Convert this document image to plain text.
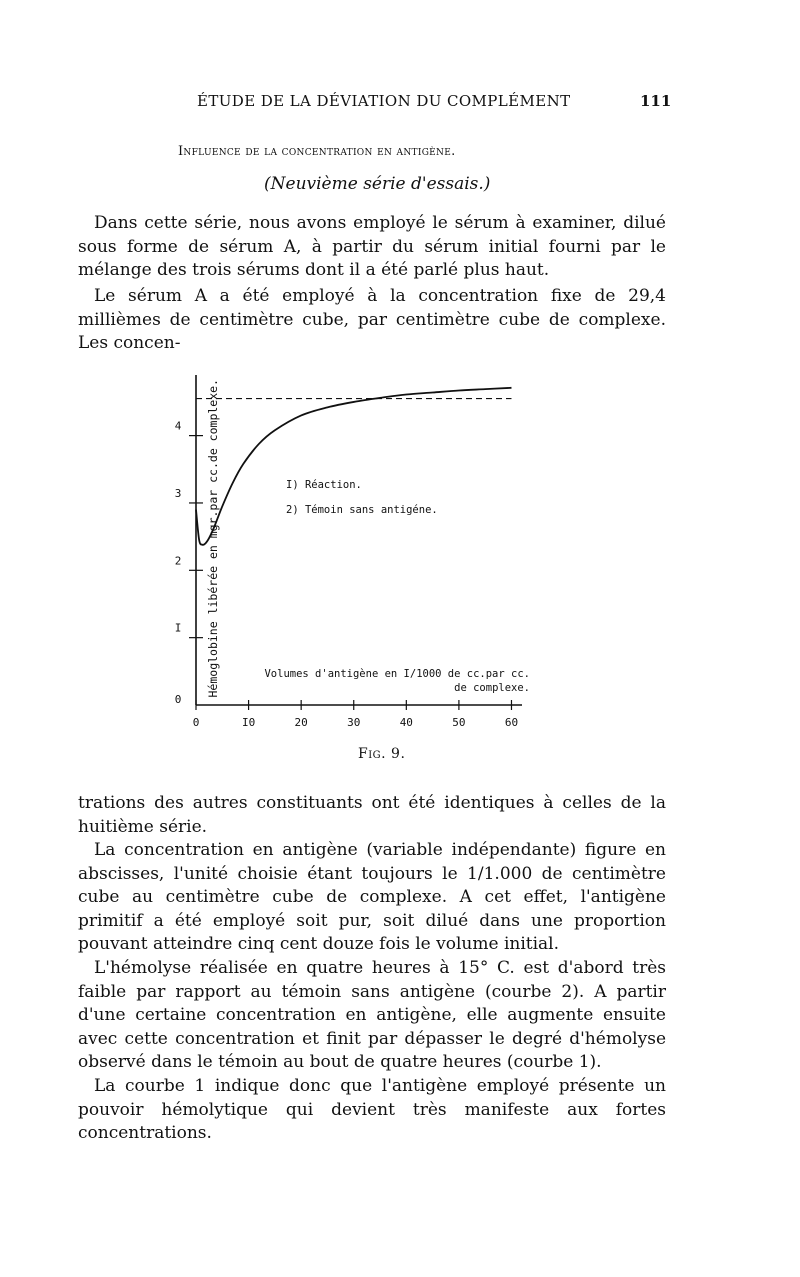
ÉTUDE DE LA DÉVIATION DU COMPLÉMENT	111
Influence de la concentration en antigène.
(Neuvième série d'essais.)

Dans cette série, nous avons employé le sérum à examiner, dilué sous forme de sérum A, à partir du sérum initial fourni par le mélange des trois sérums dont il a été parlé plus haut.

Le sérum A a été employé à la concentration fixe de 29,4 millièmes de centimètre cube, par centimètre cube de complexe. Les concen-

0	I0	20	30	40	50	60
0
I
2
3
4 Hémoglobine libérée en mgr.par cc.de complexe.	I) Réaction.
2) Témoin sans antigéne.
Volumes d'antigène en I/1000 de cc.par cc. de complexe.
Fig. 9.

trations des autres constituants ont été identiques à celles de la huitième série.

La concentration en antigène (variable indépendante) figure en abscisses, l'unité choisie étant toujours le 1/1.000 de centimètre cube au centimètre cube de complexe. A cet effet, l'antigène primitif a été employé soit pur, soit dilué dans une proportion pouvant atteindre cinq cent douze fois le volume initial.

L'hémolyse réalisée en quatre heures à 15° C. est d'abord très faible par rapport au témoin sans antigène (courbe 2). A partir d'une certaine concentration en antigène, elle augmente ensuite avec cette concentration et finit par dépasser le degré d'hémolyse observé dans le témoin au bout de quatre heures (courbe 1).

La courbe 1 indique donc que l'antigène employé présente un pouvoir hémolytique qui devient très manifeste aux fortes concentrations.
